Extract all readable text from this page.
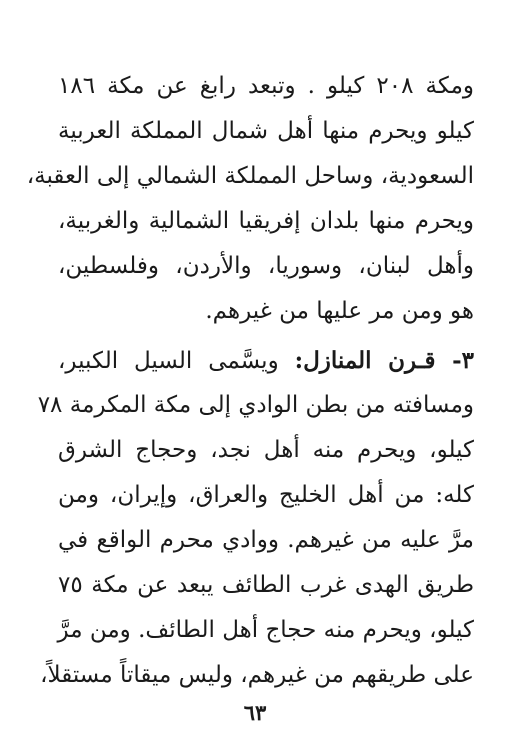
ومكة ٢٠٨ كيلو . وتبعد رابغ عن مكة ١٨٦
كيلو ويحرم منها أهل شمال المملكة العربية
السعودية، وساحل المملكة الشمالي إلى العقبة،
ويحرم منها بلدان إفريقيا الشمالية والغربية،
وأهل لبنان، وسوريا، والأردن، وفلسطين،
هو ومن مر عليها من غيرهم.
٣- قـرن المنازل: ويسَّمى السيل الكبير،
ومسافته من بطن الوادي إلى مكة المكرمة ٧٨
كيلو، ويحرم منه أهل نجد، وحجاج الشرق
كله: من أهل الخليج والعراق، وإيران، ومن
مرَّ عليه من غيرهم. ووادي محرم الواقع في
طريق الهدى غرب الطائف يبعد عن مكة ٧٥
كيلو، ويحرم منه حجاج أهل الطائف. ومن مرَّ
على طريقهم من غيرهم، وليس ميقاتاً مستقلاً،
٦٣
